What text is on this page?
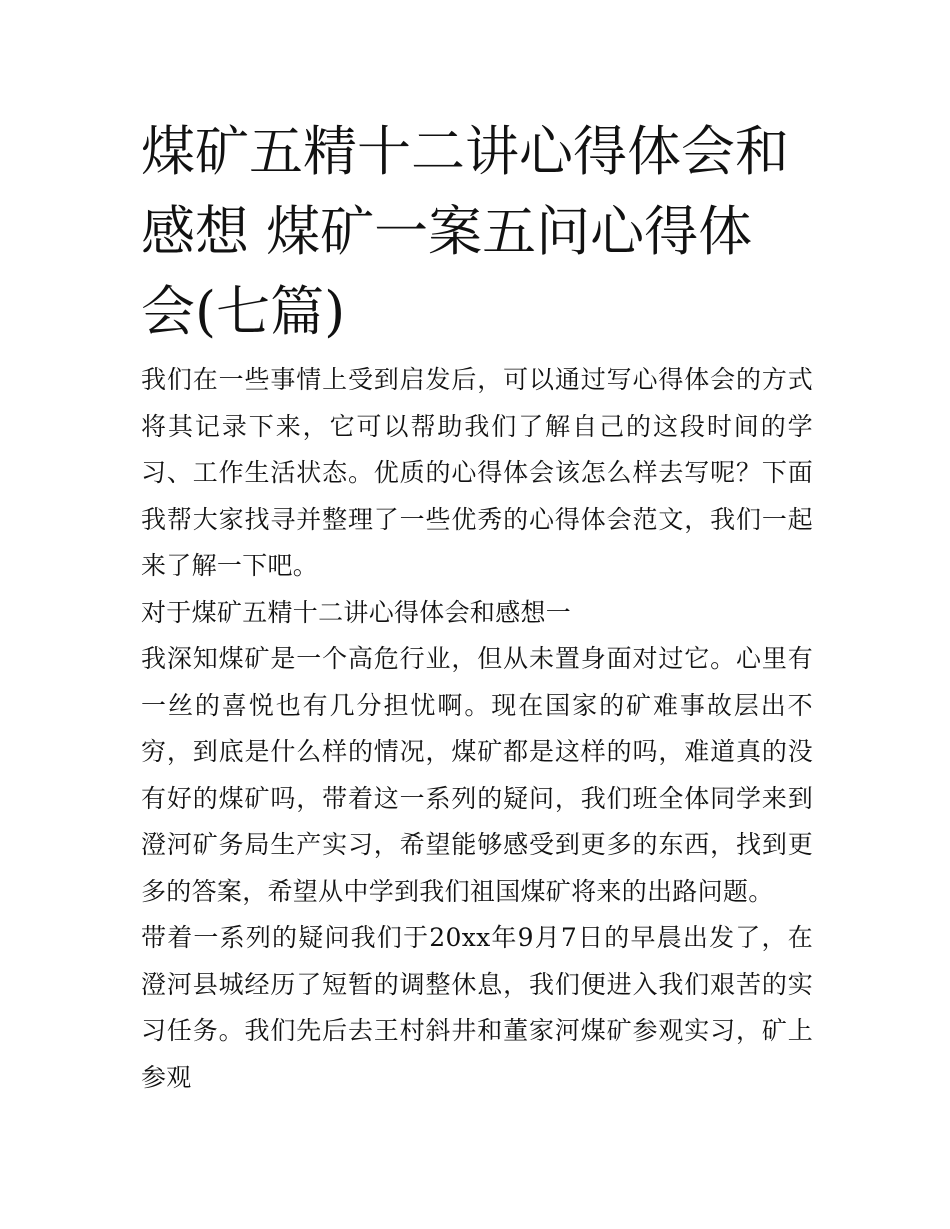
煤矿五精十二讲心得体会和感想 煤矿一案五问心得体会(七篇)

我们在一些事情上受到启发后，可以通过写心得体会的方式将其记录下来，它可以帮助我们了解自己的这段时间的学习、工作生活状态。优质的心得体会该怎么样去写呢？下面我帮大家找寻并整理了一些优秀的心得体会范文，我们一起来了解一下吧。

对于煤矿五精十二讲心得体会和感想一

我深知煤矿是一个高危行业，但从未置身面对过它。心里有一丝的喜悦也有几分担忧啊。现在国家的矿难事故层出不穷，到底是什么样的情况，煤矿都是这样的吗，难道真的没有好的煤矿吗，带着这一系列的疑问，我们班全体同学来到澄河矿务局生产实习，希望能够感受到更多的东西，找到更多的答案，希望从中学到我们祖国煤矿将来的出路问题。

带着一系列的疑问我们于20xx年9月7日的早晨出发了，在澄河县城经历了短暂的调整休息，我们便进入我们艰苦的实习任务。我们先后去王村斜井和董家河煤矿参观实习，矿上参观
